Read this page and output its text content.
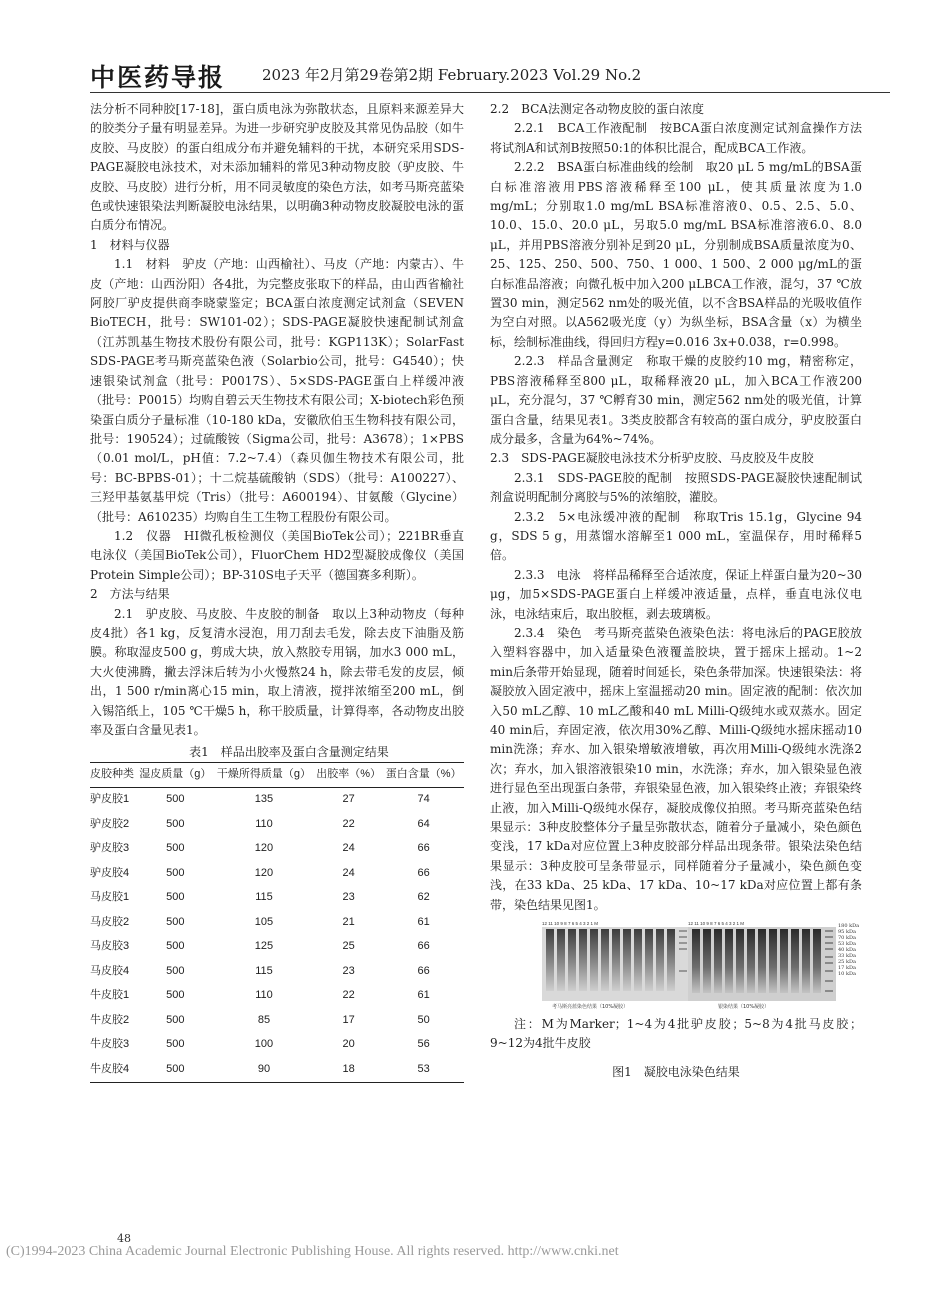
中医药导报 2023 年2月第29卷第2期 February.2023 Vol.29 No.2

法分析不同种胶[17-18]，蛋白质电泳为弥散状态，且原料来源差异大的胶类分子量有明显差异。为进一步研究驴皮胶及其常见伪品胶（如牛皮胶、马皮胶）的蛋白组成分布并避免辅料的干扰，本研究采用SDS-PAGE凝胶电泳技术，对未添加辅料的常见3种动物皮胶（驴皮胶、牛皮胶、马皮胶）进行分析，用不同灵敏度的染色方法，如考马斯亮蓝染色或快速银染法判断凝胶电泳结果，以明确3种动物皮胶凝胶电泳的蛋白质分布情况。

1　材料与仪器

1.1　材料　驴皮（产地：山西榆社）、马皮（产地：内蒙古）、牛皮（产地：山西汾阳）各4批，为完整皮张取下的样品，由山西省榆社阿胶厂驴皮提供商李晓蒙鉴定；BCA蛋白浓度测定试剂盒（SEVEN BioTECH，批号：SW101-02）；SDS-PAGE凝胶快速配制试剂盒（江苏凯基生物技术股份有限公司，批号：KGP113K）；SolarFast SDS-PAGE考马斯亮蓝染色液（Solarbio公司，批号：G4540）；快速银染试剂盒（批号：P0017S）、5×SDS-PAGE蛋白上样缓冲液（批号：P0015）均购自碧云天生物技术有限公司；X-biotech彩色预染蛋白质分子量标准（10-180 kDa，安徽欣伯玉生物科技有限公司，批号：190524）；过硫酸铵（Sigma公司，批号：A3678）；1×PBS（0.01 mol/L，pH值：7.2~7.4）（森贝伽生物技术有限公司，批号：BC-BPBS-01）；十二烷基硫酸钠（SDS）（批号：A100227）、三羟甲基氨基甲烷（Tris）（批号：A600194）、甘氨酸（Glycine）（批号：A610235）均购自生工生物工程股份有限公司。

1.2　仪器　HI微孔板检测仪（美国BioTek公司）；221BR垂直电泳仪（美国BioTek公司），FluorChem HD2型凝胶成像仪（美国Protein Simple公司）；BP-310S电子天平（德国赛多利斯）。

2　方法与结果

2.1　驴皮胶、马皮胶、牛皮胶的制备　取以上3种动物皮（每种皮4批）各1 kg，反复清水浸泡，用刀刮去毛发，除去皮下油脂及筋膜。称取湿皮500 g，剪成大块，放入熬胶专用锅，加水3 000 mL，大火使沸腾，撇去浮沫后转为小火慢熬24 h，除去带毛发的皮层，倾出，1 500 r/min离心15 min，取上清液，搅拌浓缩至200 mL，倒入锡箔纸上，105 ℃干燥5 h，称干胶质量，计算得率，各动物皮出胶率及蛋白含量见表1。

表1　样品出胶率及蛋白含量测定结果

皮胶种类	湿皮质量（g）	干燥所得质量（g）	出胶率（%）	蛋白含量（%）
驴皮胶1	500	135	27	74
驴皮胶2	500	110	22	64
驴皮胶3	500	120	24	66
驴皮胶4	500	120	24	66
马皮胶1	500	115	23	62
马皮胶2	500	105	21	61
马皮胶3	500	125	25	66
马皮胶4	500	115	23	66
牛皮胶1	500	110	22	61
牛皮胶2	500	85	17	50
牛皮胶3	500	100	20	56
牛皮胶4	500	90	18	53
2.2　BCA法测定各动物皮胶的蛋白浓度

2.2.1　BCA工作液配制　按BCA蛋白浓度测定试剂盒操作方法将试剂A和试剂B按照50:1的体积比混合，配成BCA工作液。

2.2.2　BSA蛋白标准曲线的绘制　取20 μL 5 mg/mL的BSA蛋白标准溶液用PBS溶液稀释至100 μL，使其质量浓度为1.0 mg/mL；分别取1.0 mg/mL BSA标准溶液0、0.5、2.5、5.0、10.0、15.0、20.0 μL，另取5.0 mg/mL BSA标准溶液6.0、8.0 μL，并用PBS溶液分别补足到20 μL，分别制成BSA质量浓度为0、25、125、250、500、750、1 000、1 500、2 000 μg/mL的蛋白标准品溶液；向微孔板中加入200 μLBCA工作液，混匀，37 ℃放置30 min，测定562 nm处的吸光值，以不含BSA样品的光吸收值作为空白对照。以A562吸光度（y）为纵坐标，BSA含量（x）为横坐标，绘制标准曲线，得回归方程y=0.016 3x+0.038，r=0.998。

2.2.3　样品含量测定　称取干燥的皮胶约10 mg，精密称定，PBS溶液稀释至800 μL，取稀释液20 μL，加入BCA工作液200 μL，充分混匀，37 ℃孵育30 min，测定562 nm处的吸光值，计算蛋白含量，结果见表1。3类皮胶都含有较高的蛋白成分，驴皮胶蛋白成分最多，含量为64%~74%。

2.3　SDS-PAGE凝胶电泳技术分析驴皮胶、马皮胶及牛皮胶

2.3.1　SDS-PAGE胶的配制　按照SDS-PAGE凝胶快速配制试剂盒说明配制分离胶与5%的浓缩胶，灌胶。

2.3.2　5×电泳缓冲液的配制　称取Tris 15.1g，Glycine 94 g，SDS 5 g，用蒸馏水溶解至1 000 mL，室温保存，用时稀释5倍。

2.3.3　电泳　将样品稀释至合适浓度，保证上样蛋白量为20~30 μg，加5×SDS-PAGE蛋白上样缓冲液适量，点样，垂直电泳仪电泳，电泳结束后，取出胶框，剥去玻璃板。

2.3.4　染色　考马斯亮蓝染色液染色法：将电泳后的PAGE胶放入塑料容器中，加入适量染色液覆盖胶块，置于摇床上摇动。1~2 min后条带开始显现，随着时间延长，染色条带加深。快速银染法：将凝胶放入固定液中，摇床上室温摇动20 min。固定液的配制：依次加入50 mL乙醇、10 mL乙酸和40 mL Milli-Q级纯水或双蒸水。固定40 min后，弃固定液，依次用30%乙醇、Milli-Q级纯水摇床摇动10 min洗涤；弃水、加入银染增敏液增敏，再次用Milli-Q级纯水洗涤2次；弃水，加入银溶液银染10 min，水洗涤；弃水，加入银染显色液进行显色至出现蛋白条带，弃银染显色液，加入银染终止液；弃银染终止液，加入Milli-Q级纯水保存，凝胶成像仪拍照。考马斯亮蓝染色结果显示：3种皮胶整体分子量呈弥散状态，随着分子量减小，染色颜色变浅，17 kDa对应位置上3种皮胶部分样品出现条带。银染法染色结果显示：3种皮胶可呈条带显示，同样随着分子量减小，染色颜色变浅，在33 kDa、25 kDa、17 kDa、10~17 kDa对应位置上都有条带，染色结果见图1。

12 11 10 9 8 7 6 5 4 3 2 1 M
考马斯亮蓝染色结果（10%凝胶）
12 11 10 9 8 7 6 5 4 3 2 1 M
银染结果（10%凝胶）
180 kDa
95 kDa
70 kDa
53 kDa
40 kDa
33 kDa
25 kDa
17 kDa
10 kDa

注：M为Marker；1~4为4批驴皮胶；5~8为4批马皮胶；9~12为4批牛皮胶

图1　凝胶电泳染色结果
48
(C)1994-2023 China Academic Journal Electronic Publishing House. All rights reserved. http://www.cnki.net
